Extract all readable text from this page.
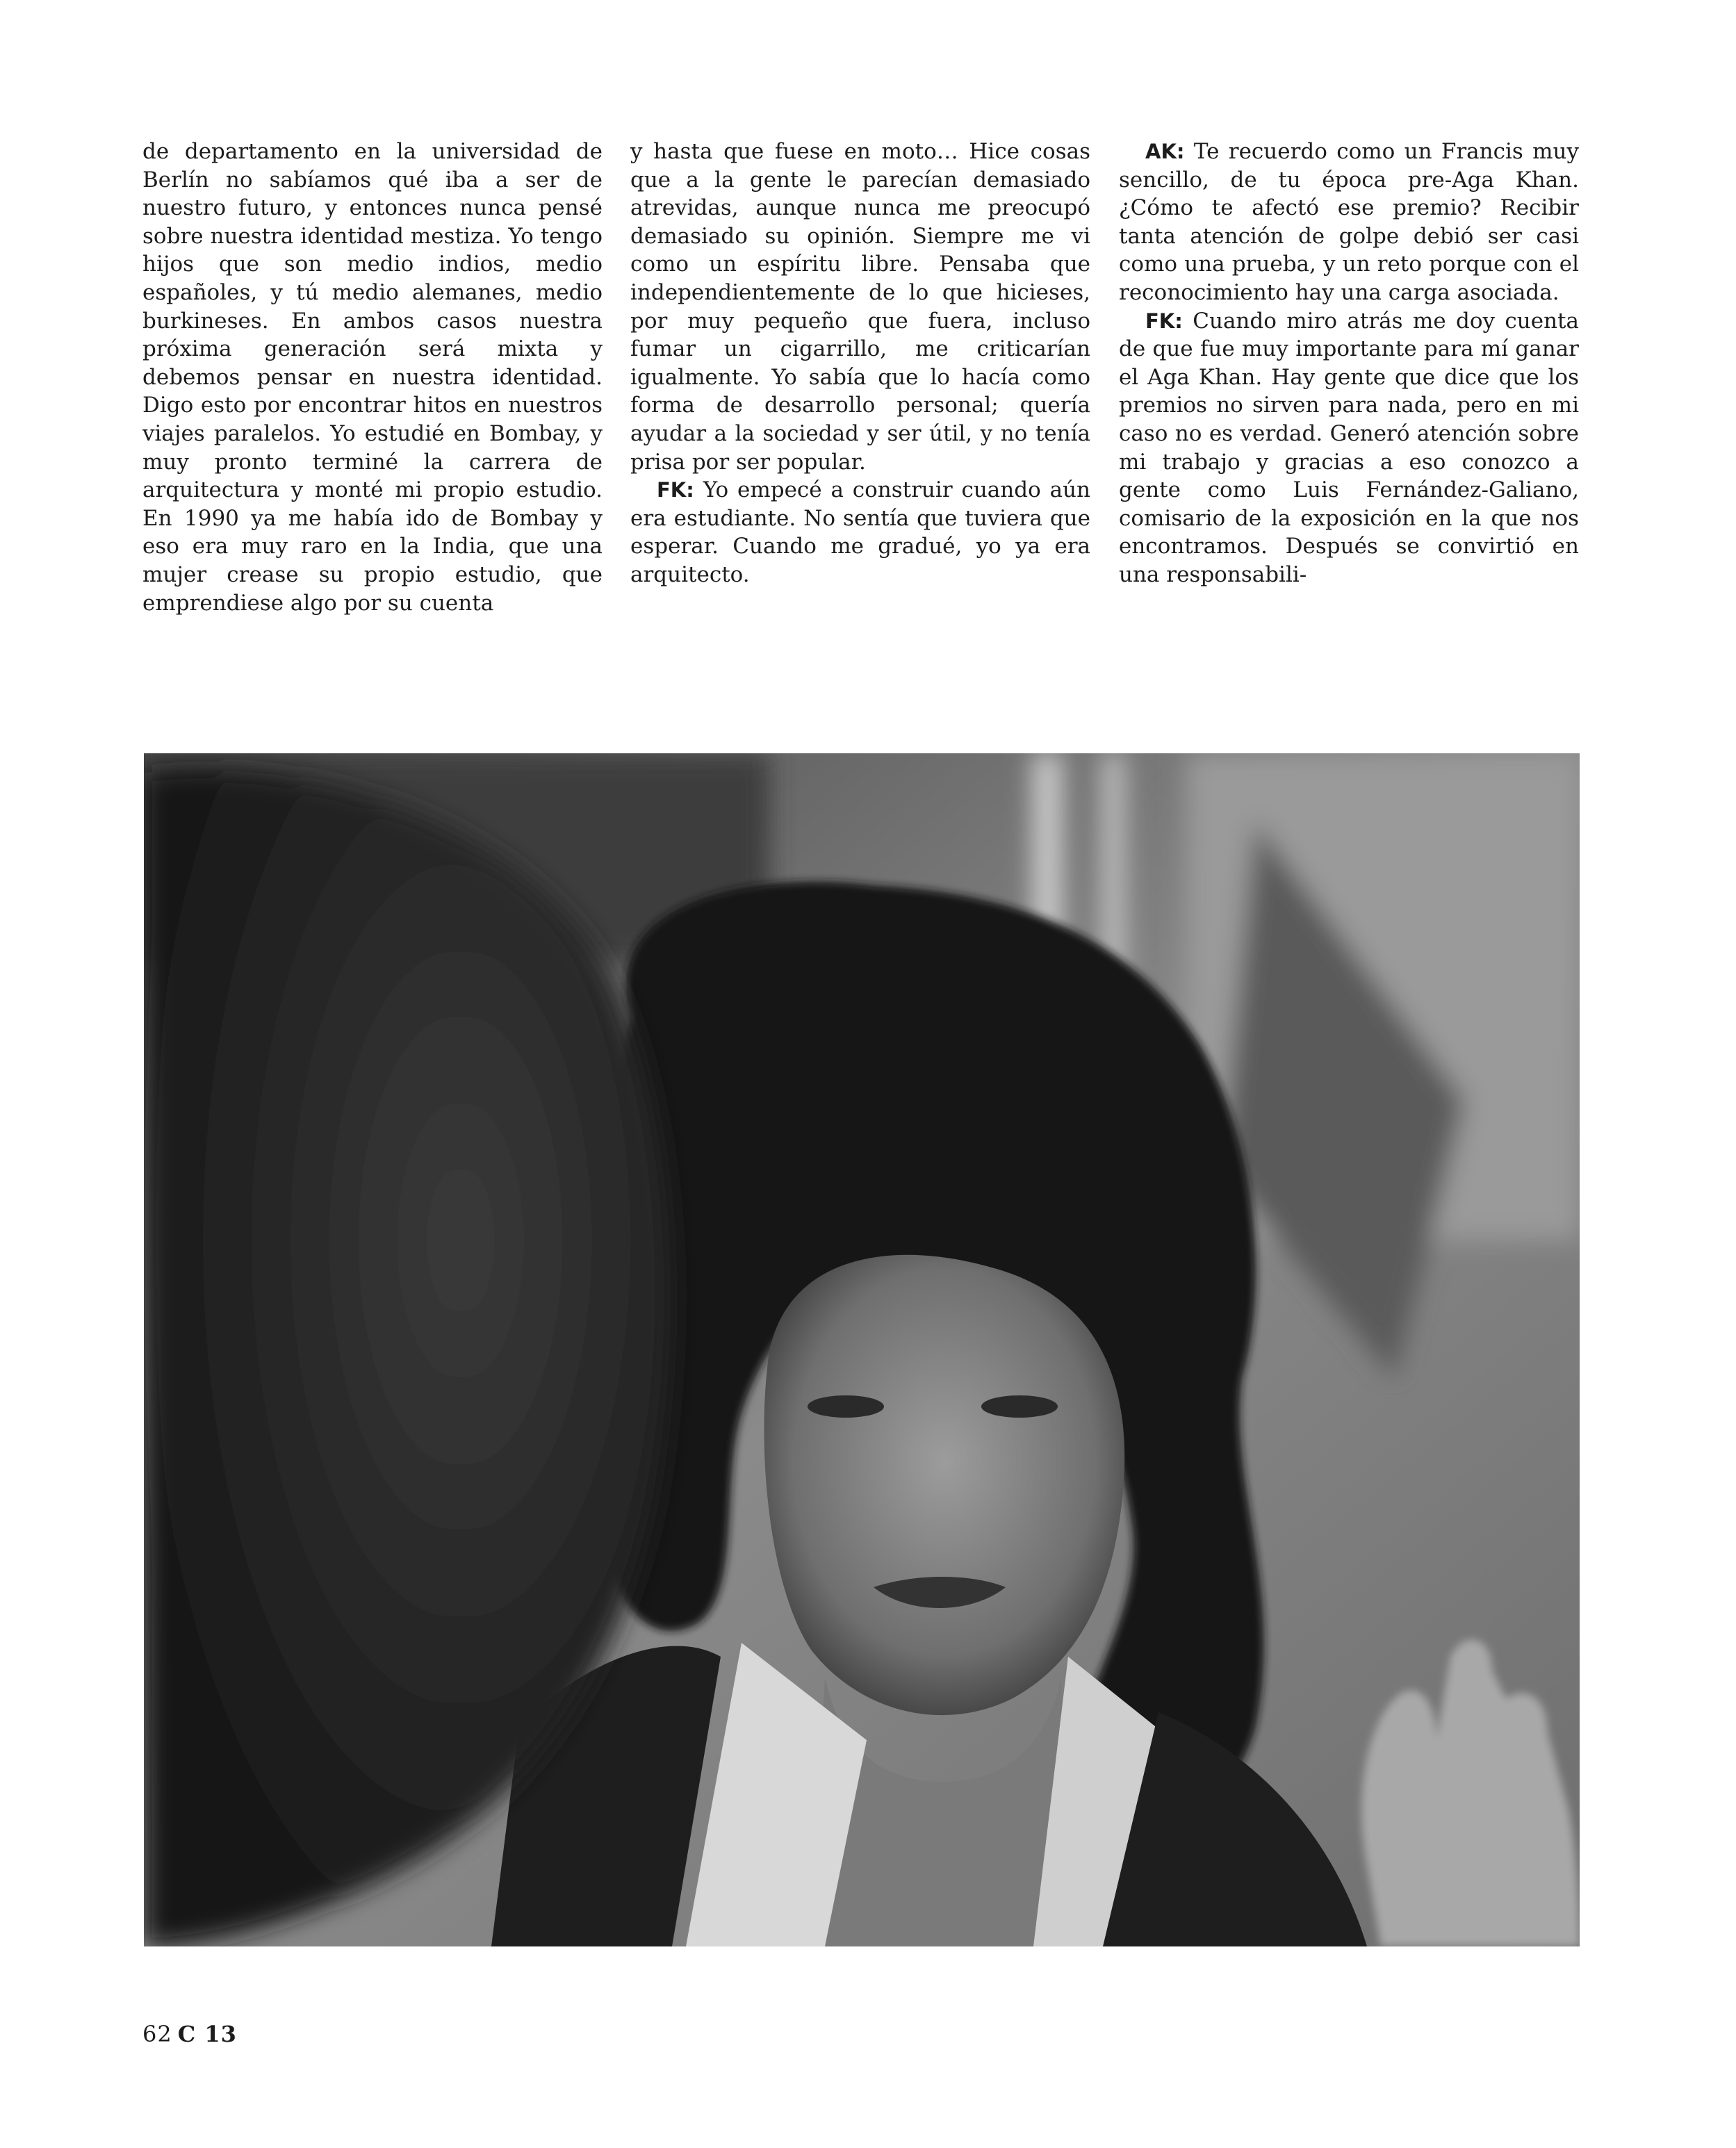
de departamento en la universidad de Berlín no sabíamos qué iba a ser de nuestro futuro, y entonces nunca pensé sobre nuestra identidad mestiza. Yo tengo hijos que son medio indios, medio españoles, y tú medio alemanes, medio burkineses. En ambos casos nuestra próxima generación será mixta y debemos pensar en nuestra identidad. Digo esto por encontrar hitos en nuestros viajes paralelos. Yo estudié en Bombay, y muy pronto terminé la carrera de arquitectura y monté mi propio estudio. En 1990 ya me había ido de Bombay y eso era muy raro en la India, que una mujer crease su propio estudio, que emprendiese algo por su cuenta

y hasta que fuese en moto… Hice cosas que a la gente le parecían demasiado atrevidas, aunque nunca me preocupó demasiado su opinión. Siempre me vi como un espíritu libre. Pensaba que independientemente de lo que hicieses, por muy pequeño que fuera, incluso fumar un cigarrillo, me criticarían igualmente. Yo sabía que lo hacía como forma de desarrollo personal; quería ayudar a la sociedad y ser útil, y no tenía prisa por ser popular.

FK: Yo empecé a construir cuando aún era estudiante. No sentía que tuviera que esperar. Cuando me gradué, yo ya era arquitecto.

AK: Te recuerdo como un Francis muy sencillo, de tu época pre-Aga Khan. ¿Cómo te afectó ese premio? Recibir tanta atención de golpe debió ser casi como una prueba, y un reto porque con el reconocimiento hay una carga asociada.

FK: Cuando miro atrás me doy cuenta de que fue muy importante para mí ganar el Aga Khan. Hay gente que dice que los premios no sirven para nada, pero en mi caso no es verdad. Generó atención sobre mi trabajo y gracias a eso conozco a gente como Luis Fernández-Galiano, comisario de la exposición en la que nos encontramos. Después se convirtió en una responsabili-

62 C 13
